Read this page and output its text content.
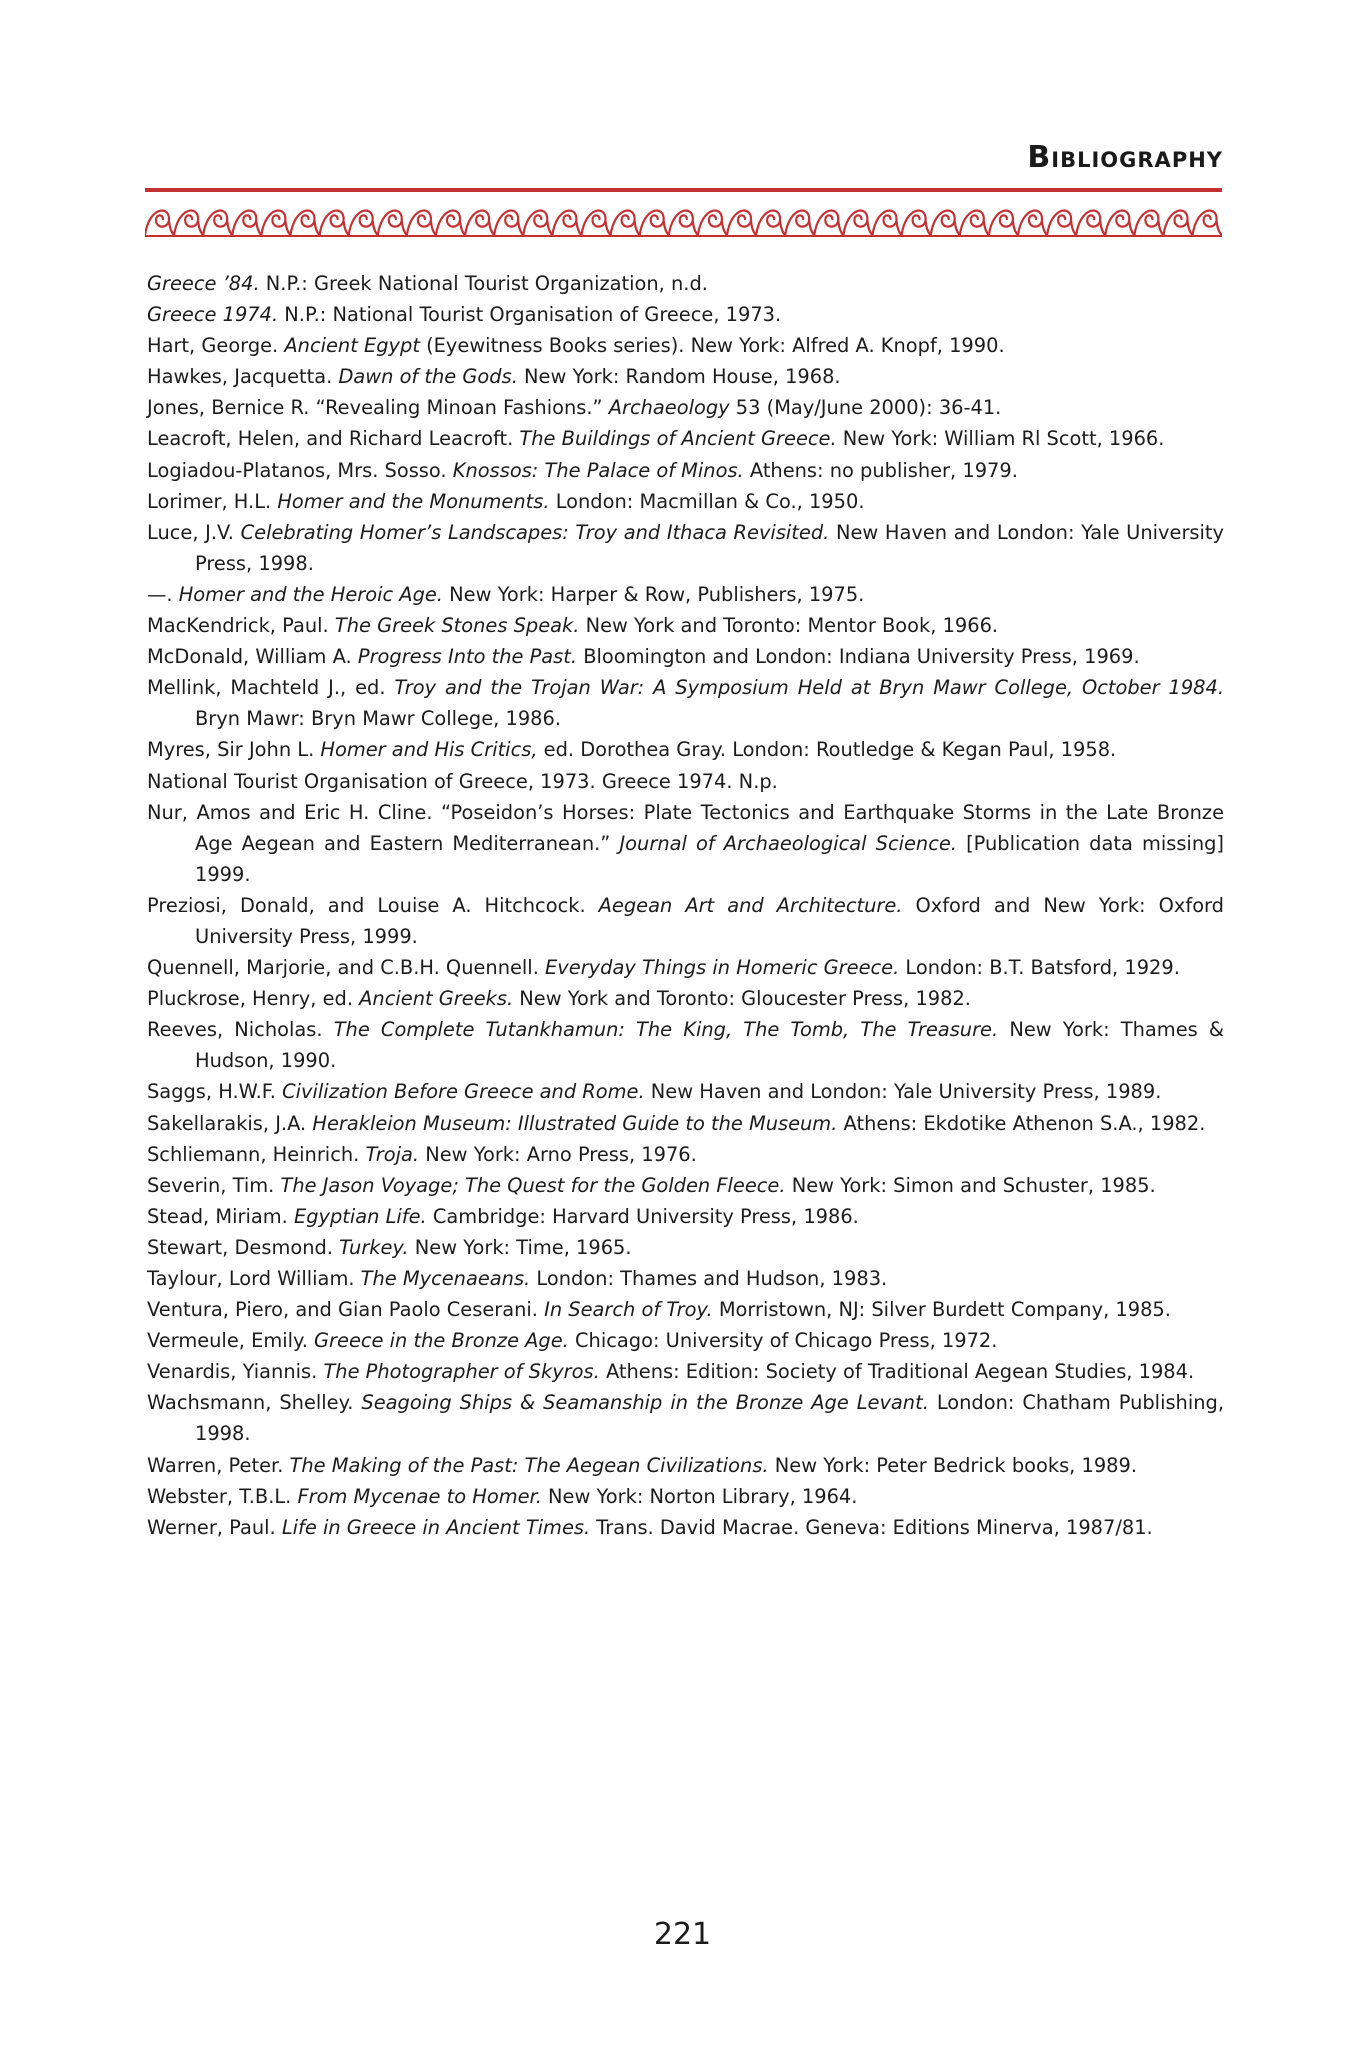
Bibliography
Greece ’84. N.P.: Greek National Tourist Organization, n.d.
Greece 1974. N.P.: National Tourist Organisation of Greece, 1973.
Hart, George. Ancient Egypt (Eyewitness Books series). New York: Alfred A. Knopf, 1990.
Hawkes, Jacquetta. Dawn of the Gods. New York: Random House, 1968.
Jones, Bernice R. “Revealing Minoan Fashions.” Archaeology 53 (May/June 2000): 36-41.
Leacroft, Helen, and Richard Leacroft. The Buildings of Ancient Greece. New York: William Rl Scott, 1966.
Logiadou-Platanos, Mrs. Sosso. Knossos: The Palace of Minos. Athens: no publisher, 1979.
Lorimer, H.L. Homer and the Monuments. London: Macmillan & Co., 1950.
Luce, J.V. Celebrating Homer’s Landscapes: Troy and Ithaca Revisited. New Haven and London: Yale University Press, 1998.
—. Homer and the Heroic Age. New York: Harper & Row, Publishers, 1975.
MacKendrick, Paul. The Greek Stones Speak. New York and Toronto: Mentor Book, 1966.
McDonald, William A. Progress Into the Past. Bloomington and London: Indiana University Press, 1969.
Mellink, Machteld J., ed. Troy and the Trojan War: A Symposium Held at Bryn Mawr College, October 1984. Bryn Mawr: Bryn Mawr College, 1986.
Myres, Sir John L. Homer and His Critics, ed. Dorothea Gray. London: Routledge & Kegan Paul, 1958.
National Tourist Organisation of Greece, 1973. Greece 1974. N.p.
Nur, Amos and Eric H. Cline. “Poseidon’s Horses: Plate Tectonics and Earthquake Storms in the Late Bronze Age Aegean and Eastern Mediterranean.” Journal of Archaeological Science. [Publication data missing] 1999.
Preziosi, Donald, and Louise A. Hitchcock. Aegean Art and Architecture. Oxford and New York: Oxford University Press, 1999.
Quennell, Marjorie, and C.B.H. Quennell. Everyday Things in Homeric Greece. London: B.T. Batsford, 1929.
Pluckrose, Henry, ed. Ancient Greeks. New York and Toronto: Gloucester Press, 1982.
Reeves, Nicholas. The Complete Tutankhamun: The King, The Tomb, The Treasure. New York: Thames & Hudson, 1990.
Saggs, H.W.F. Civilization Before Greece and Rome. New Haven and London: Yale University Press, 1989.
Sakellarakis, J.A. Herakleion Museum: Illustrated Guide to the Museum. Athens: Ekdotike Athenon S.A., 1982.
Schliemann, Heinrich. Troja. New York: Arno Press, 1976.
Severin, Tim. The Jason Voyage; The Quest for the Golden Fleece. New York: Simon and Schuster, 1985.
Stead, Miriam. Egyptian Life. Cambridge: Harvard University Press, 1986.
Stewart, Desmond. Turkey. New York: Time, 1965.
Taylour, Lord William. The Mycenaeans. London: Thames and Hudson, 1983.
Ventura, Piero, and Gian Paolo Ceserani. In Search of Troy. Morristown, NJ: Silver Burdett Company, 1985.
Vermeule, Emily. Greece in the Bronze Age. Chicago: University of Chicago Press, 1972.
Venardis, Yiannis. The Photographer of Skyros. Athens: Edition: Society of Traditional Aegean Studies, 1984.
Wachsmann, Shelley. Seagoing Ships & Seamanship in the Bronze Age Levant. London: Chatham Publishing, 1998.
Warren, Peter. The Making of the Past: The Aegean Civilizations. New York: Peter Bedrick books, 1989.
Webster, T.B.L. From Mycenae to Homer. New York: Norton Library, 1964.
Werner, Paul. Life in Greece in Ancient Times. Trans. David Macrae. Geneva: Editions Minerva, 1987/81.
221
